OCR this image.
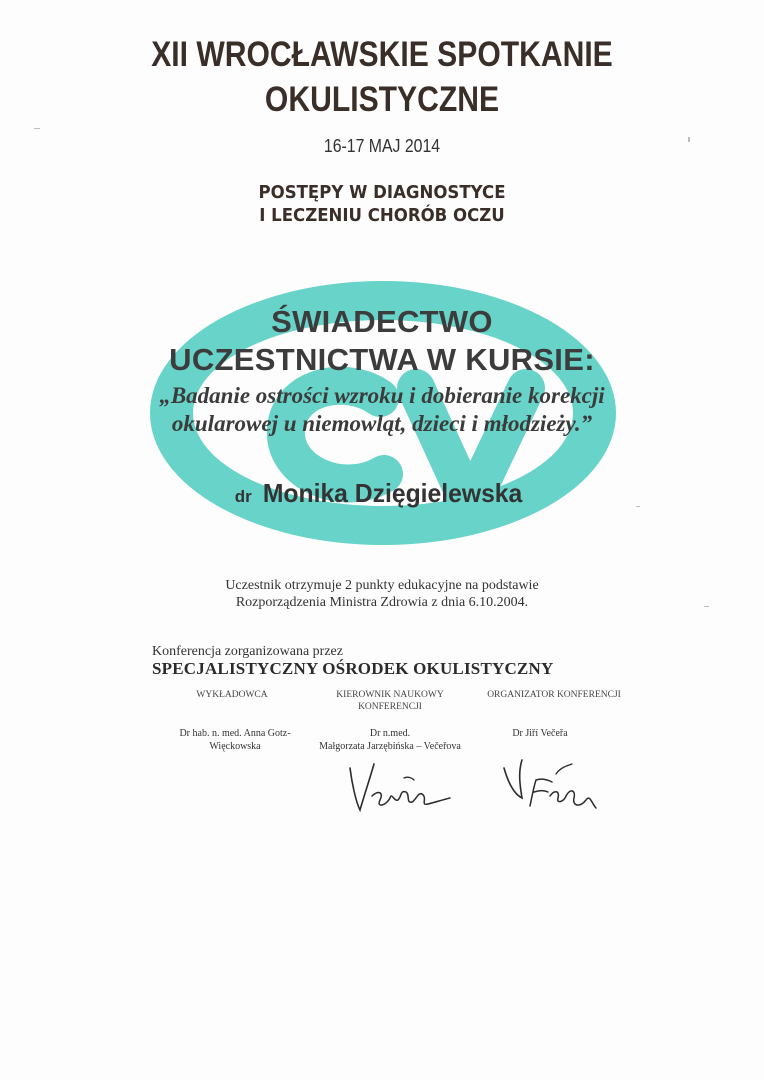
XII WROCŁAWSKIE SPOTKANIE
OKULISTYCZNE
16-17 MAJ 2014
POSTĘPY W DIAGNOSTYCE
I LECZENIU CHORÓB OCZU
ŚWIADECTWO
UCZESTNICTWA W KURSIE:
„Badanie ostrości wzroku i dobieranie korekcji
okularowej u niemowląt, dzieci i młodzieży.”
dr Monika Dzięgielewska
Uczestnik otrzymuje 2 punkty edukacyjne na podstawie
Rozporządzenia Ministra Zdrowia z dnia 6.10.2004.
Konferencja zorganizowana przez
SPECJALISTYCZNY OŚRODEK OKULISTYCZNY
WYKŁADOWCA	KIEROWNIK NAUKOWY
KONFERENCJI
ORGANIZATOR KONFERENCJI
Dr hab. n. med. Anna Gotz-
Więckowska
Dr n.med.
Małgorzata Jarzębińska – Večeřova
Dr Jiří Večeřa
